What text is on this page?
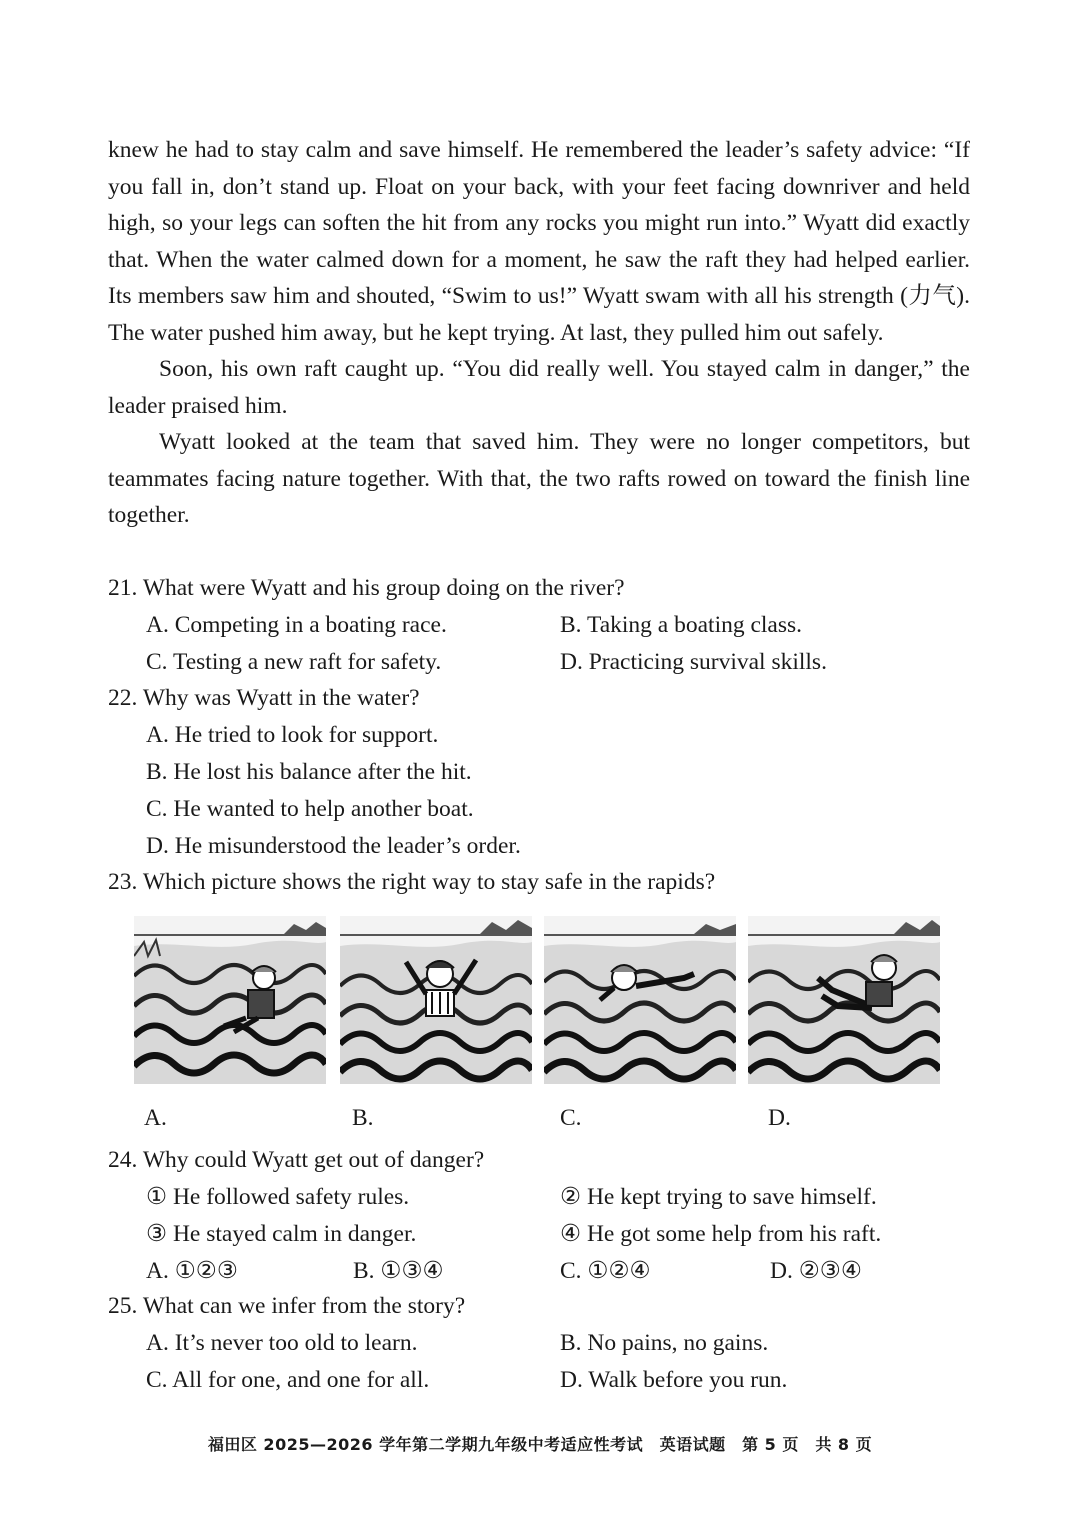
knew he had to stay calm and save himself. He remembered the leader’s safety advice: “If you fall in, don’t stand up. Float on your back, with your feet facing downriver and held high, so your legs can soften the hit from any rocks you might run into.” Wyatt did exactly that. When the water calmed down for a moment, he saw the raft they had helped earlier. Its members saw him and shouted, “Swim to us!” Wyatt swam with all his strength (力气). The water pushed him away, but he kept trying. At last, they pulled him out safely.

Soon, his own raft caught up. “You did really well. You stayed calm in danger,” the leader praised him.

Wyatt looked at the team that saved him. They were no longer competitors, but teammates facing nature together. With that, the two rafts rowed on toward the finish line together.

21. What were Wyatt and his group doing on the river?
A. Competing in a boating race.	B. Taking a boating class.
C. Testing a new raft for safety.	D. Practicing survival skills.
22. Why was Wyatt in the water?
A. He tried to look for support.
B. He lost his balance after the hit.
C. He wanted to help another boat.
D. He misunderstood the leader’s order.
23. Which picture shows the right way to stay safe in the rapids?
A.	B.	C.	D.
24. Why could Wyatt get out of danger?
① He followed safety rules.	② He kept trying to save himself.
③ He stayed calm in danger.	④ He got some help from his raft.
A. ①②③	B. ①③④	C. ①②④	D. ②③④
25. What can we infer from the story?
A. It’s never too old to learn.	B. No pains, no gains.
C. All for one, and one for all.	D. Walk before you run.
福田区 2025—2026 学年第二学期九年级中考适应性考试　英语试题　第 5 页　共 8 页
